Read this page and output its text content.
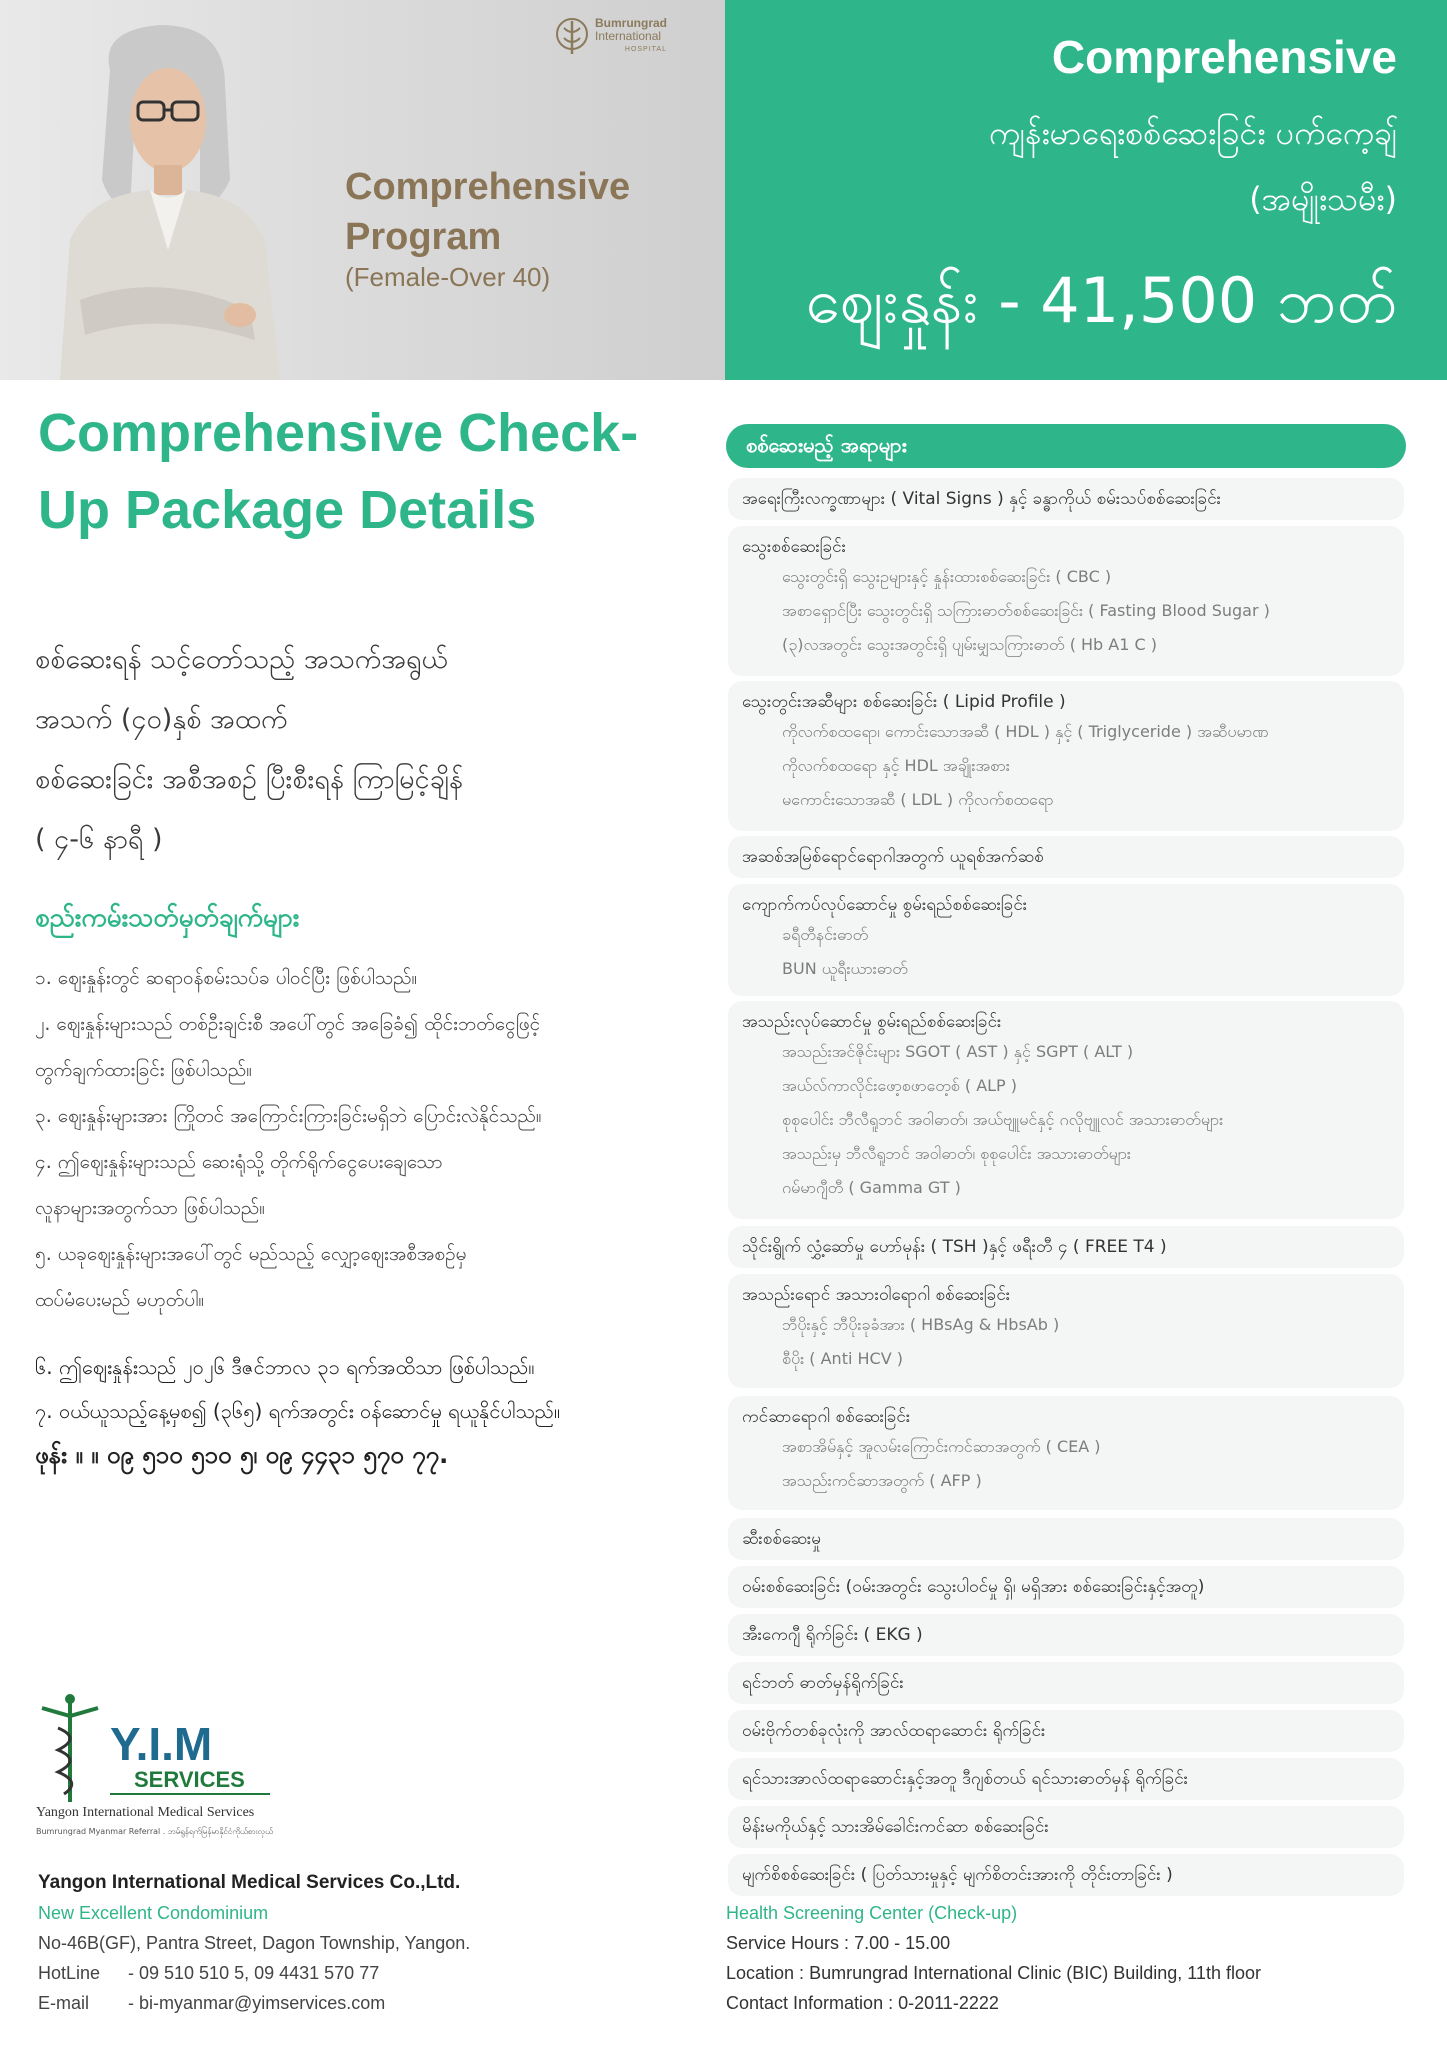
Bumrungrad
International
HOSPITAL
Comprehensive Program
(Female-Over 40)
Comprehensive
ကျန်းမာရေးစစ်ဆေးခြင်း ပက်ကေ့ချ်
(အမျိုးသမီး)
ဈေးနှုန်း - 41,500 ဘတ်
Comprehensive Check-Up Package Details
စစ်ဆေးရန် သင့်တော်သည့် အသက်အရွယ်
အသက် (၄၀)နှစ် အထက်
စစ်ဆေးခြင်း အစီအစဉ် ပြီးစီးရန် ကြာမြင့်ချိန်
( ၄-၆ နာရီ )
စည်းကမ်းသတ်မှတ်ချက်များ
၁. ဈေးနှုန်းတွင် ဆရာဝန်စမ်းသပ်ခ ပါဝင်ပြီး ဖြစ်ပါသည်။
၂. ဈေးနှုန်းများသည် တစ်ဦးချင်းစီ အပေါ်တွင် အခြေခံ၍ ထိုင်းဘတ်ငွေဖြင့်
တွက်ချက်ထားခြင်း ဖြစ်ပါသည်။
၃. ဈေးနှုန်းများအား ကြိုတင် အကြောင်းကြားခြင်းမရှိဘဲ ပြောင်းလဲနိုင်သည်။
၄. ဤဈေးနှုန်းများသည် ဆေးရုံသို့ တိုက်ရိုက်ငွေပေးချေသော
လူနာများအတွက်သာ ဖြစ်ပါသည်။
၅. ယခုဈေးနှုန်းများအပေါ်တွင် မည်သည့် လျှော့ဈေးအစီအစဉ်မှ
ထပ်မံပေးမည် မဟုတ်ပါ။
၆. ဤဈေးနှုန်းသည် ၂၀၂၆ ဒီဇင်ဘာလ ၃၁ ရက်အထိသာ ဖြစ်ပါသည်။
၇. ဝယ်ယူသည့်နေ့မှစ၍ (၃၆၅) ရက်အတွင်း ဝန်ဆောင်မှု ရယူနိုင်ပါသည်။
ဖုန်း ။ ။ ၀၉ ၅၁၀ ၅၁၀ ၅၊ ၀၉ ၄၄၃၁ ၅၇၀ ၇၇.
Y.I.M
SERVICES
Yangon International Medical Services
Bumrungrad Myanmar Referral . ဘမ်ရွန်ရက်မြန်မာနိုင်ငံကိုယ်စားလှယ်
Yangon International Medical Services Co.,Ltd.
New Excellent Condominium
No-46B(GF), Pantra Street, Dagon Township, Yangon.
HotLine - 09 510 510 5, 09 4431 570 77
E-mail - bi-myanmar@yimservices.com
စစ်ဆေးမည့် အရာများ
အရေးကြီးလက္ခဏာများ ( Vital Signs ) နှင့် ခန္ဓာကိုယ် စမ်းသပ်စစ်ဆေးခြင်း
သွေးစစ်ဆေးခြင်း
သွေးတွင်းရှိ သွေးဥများနှင့် နှုန်းထားစစ်ဆေးခြင်း ( CBC )
အစာရှောင်ပြီး သွေးတွင်းရှိ သကြားဓာတ်စစ်ဆေးခြင်း ( Fasting Blood Sugar )
(၃)လအတွင်း သွေးအတွင်းရှိ ပျမ်းမျှသကြားဓာတ် ( Hb A1 C )
သွေးတွင်းအဆီများ စစ်ဆေးခြင်း ( Lipid Profile )
ကိုလက်စထရော၊ ကောင်းသောအဆီ ( HDL ) နှင့် ( Triglyceride ) အဆီပမာဏ
ကိုလက်စထရော နှင့် HDL အချိုးအစား
မကောင်းသောအဆီ ( LDL ) ကိုလက်စထရော
အဆစ်အမြစ်ရောင်ရောဂါအတွက် ယူရစ်အက်ဆစ်
ကျောက်ကပ်လုပ်ဆောင်မှု စွမ်းရည်စစ်ဆေးခြင်း
ခရီတီနင်းဓာတ်
BUN ယူရီးယားဓာတ်
အသည်းလုပ်ဆောင်မှု စွမ်းရည်စစ်ဆေးခြင်း
အသည်းအင်ဇိုင်းများ SGOT ( AST ) နှင့် SGPT ( ALT )
အယ်လ်ကာလိုင်းဖော့စဖာတေ့စ် ( ALP )
စုစုပေါင်း ဘီလီရူဘင် အဝါဓာတ်၊ အယ်ဗျူမင်နှင့် ဂလိုဗျူလင် အသားဓာတ်များ
အသည်းမှ ဘီလီရူဘင် အဝါဓာတ်၊ စုစုပေါင်း အသားဓာတ်များ
ဂမ်မာဂျီတီ ( Gamma GT )
သိုင်းရွိုက် လွှံ့ဆော်မှု ဟော်မုန်း ( TSH )နှင့် ဖရီးတီ ၄ ( FREE T4 )
အသည်းရောင် အသားဝါရောဂါ စစ်ဆေးခြင်း
ဘီပိုးနှင့် ဘီပိုးခုခံအား ( HBsAg & HbsAb )
စီပိုး ( Anti HCV )
ကင်ဆာရောဂါ စစ်ဆေးခြင်း
အစာအိမ်နှင့် အူလမ်းကြောင်းကင်ဆာအတွက် ( CEA )
အသည်းကင်ဆာအတွက် ( AFP )
ဆီးစစ်ဆေးမှု
ဝမ်းစစ်ဆေးခြင်း (ဝမ်းအတွင်း သွေးပါဝင်မှု ရှိ၊ မရှိအား စစ်ဆေးခြင်းနှင့်အတူ)
အီးကေဂျီ ရိုက်ခြင်း ( EKG )
ရင်ဘတ် ဓာတ်မှန်ရိုက်ခြင်း
ဝမ်းဗိုက်တစ်ခုလုံးကို အာလ်ထရာဆောင်း ရိုက်ခြင်း
ရင်သားအာလ်ထရာဆောင်းနှင့်အတူ ဒီဂျစ်တယ် ရင်သားဓာတ်မှန် ရိုက်ခြင်း
မိန်းမကိုယ်နှင့် သားအိမ်ခေါင်းကင်ဆာ စစ်ဆေးခြင်း
မျက်စိစစ်ဆေးခြင်း ( ပြတ်သားမှုနှင့် မျက်စိတင်းအားကို တိုင်းတာခြင်း )
Health Screening Center (Check-up)
Service Hours : 7.00 - 15.00
Location : Bumrungrad International Clinic (BIC) Building, 11th floor
Contact Information : 0-2011-2222
